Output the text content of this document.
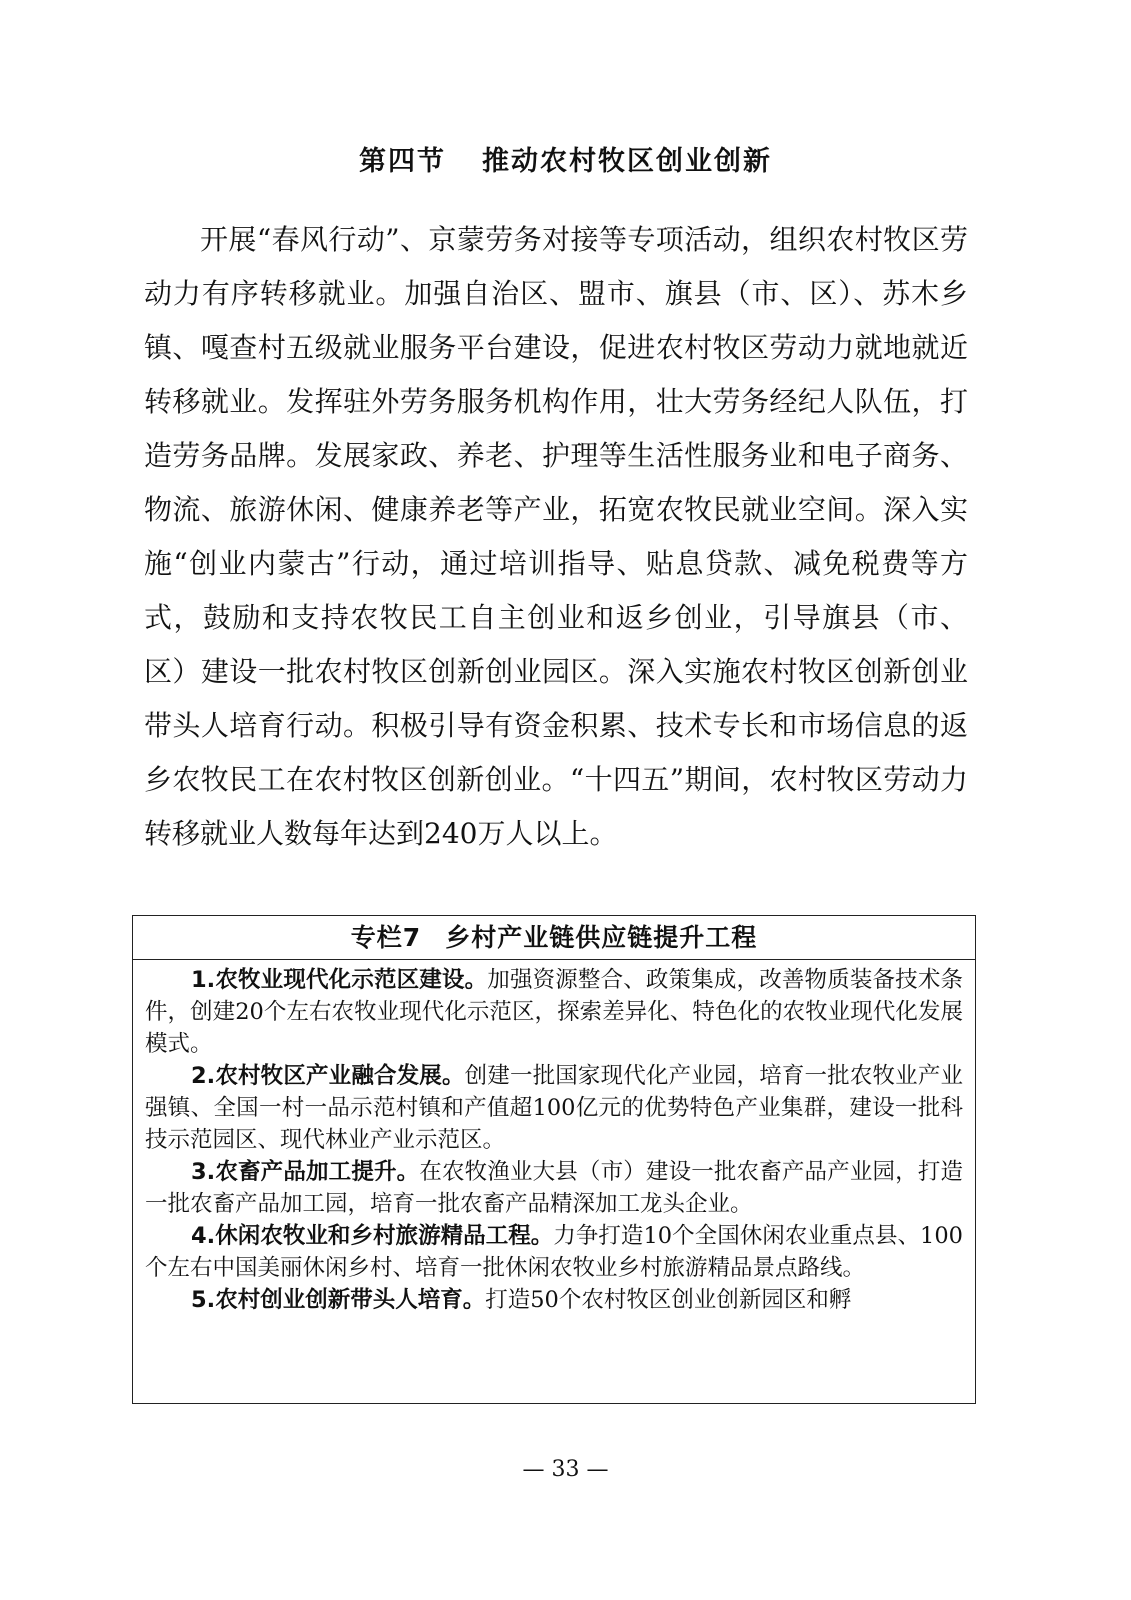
第四节 推动农村牧区创业创新

开展“春风行动”、京蒙劳务对接等专项活动，组织农村牧区劳动力有序转移就业。加强自治区、盟市、旗县（市、区）、苏木乡镇、嘎查村五级就业服务平台建设，促进农村牧区劳动力就地就近转移就业。发挥驻外劳务服务机构作用，壮大劳务经纪人队伍，打造劳务品牌。发展家政、养老、护理等生活性服务业和电子商务、物流、旅游休闲、健康养老等产业，拓宽农牧民就业空间。深入实施“创业内蒙古”行动，通过培训指导、贴息贷款、减免税费等方式，鼓励和支持农牧民工自主创业和返乡创业，引导旗县（市、区）建设一批农村牧区创新创业园区。深入实施农村牧区创新创业带头人培育行动。积极引导有资金积累、技术专长和市场信息的返乡农牧民工在农村牧区创新创业。“十四五”期间，农村牧区劳动力转移就业人数每年达到240万人以上。

专栏7 乡村产业链供应链提升工程

1.农牧业现代化示范区建设。加强资源整合、政策集成，改善物质装备技术条件，创建20个左右农牧业现代化示范区，探索差异化、特色化的农牧业现代化发展模式。

2.农村牧区产业融合发展。创建一批国家现代化产业园，培育一批农牧业产业强镇、全国一村一品示范村镇和产值超100亿元的优势特色产业集群，建设一批科技示范园区、现代林业产业示范区。

3.农畜产品加工提升。在农牧渔业大县（市）建设一批农畜产品产业园，打造一批农畜产品加工园，培育一批农畜产品精深加工龙头企业。

4.休闲农牧业和乡村旅游精品工程。力争打造10个全国休闲农业重点县、100个左右中国美丽休闲乡村、培育一批休闲农牧业乡村旅游精品景点路线。

5.农村创业创新带头人培育。打造50个农村牧区创业创新园区和孵

— 33 —
